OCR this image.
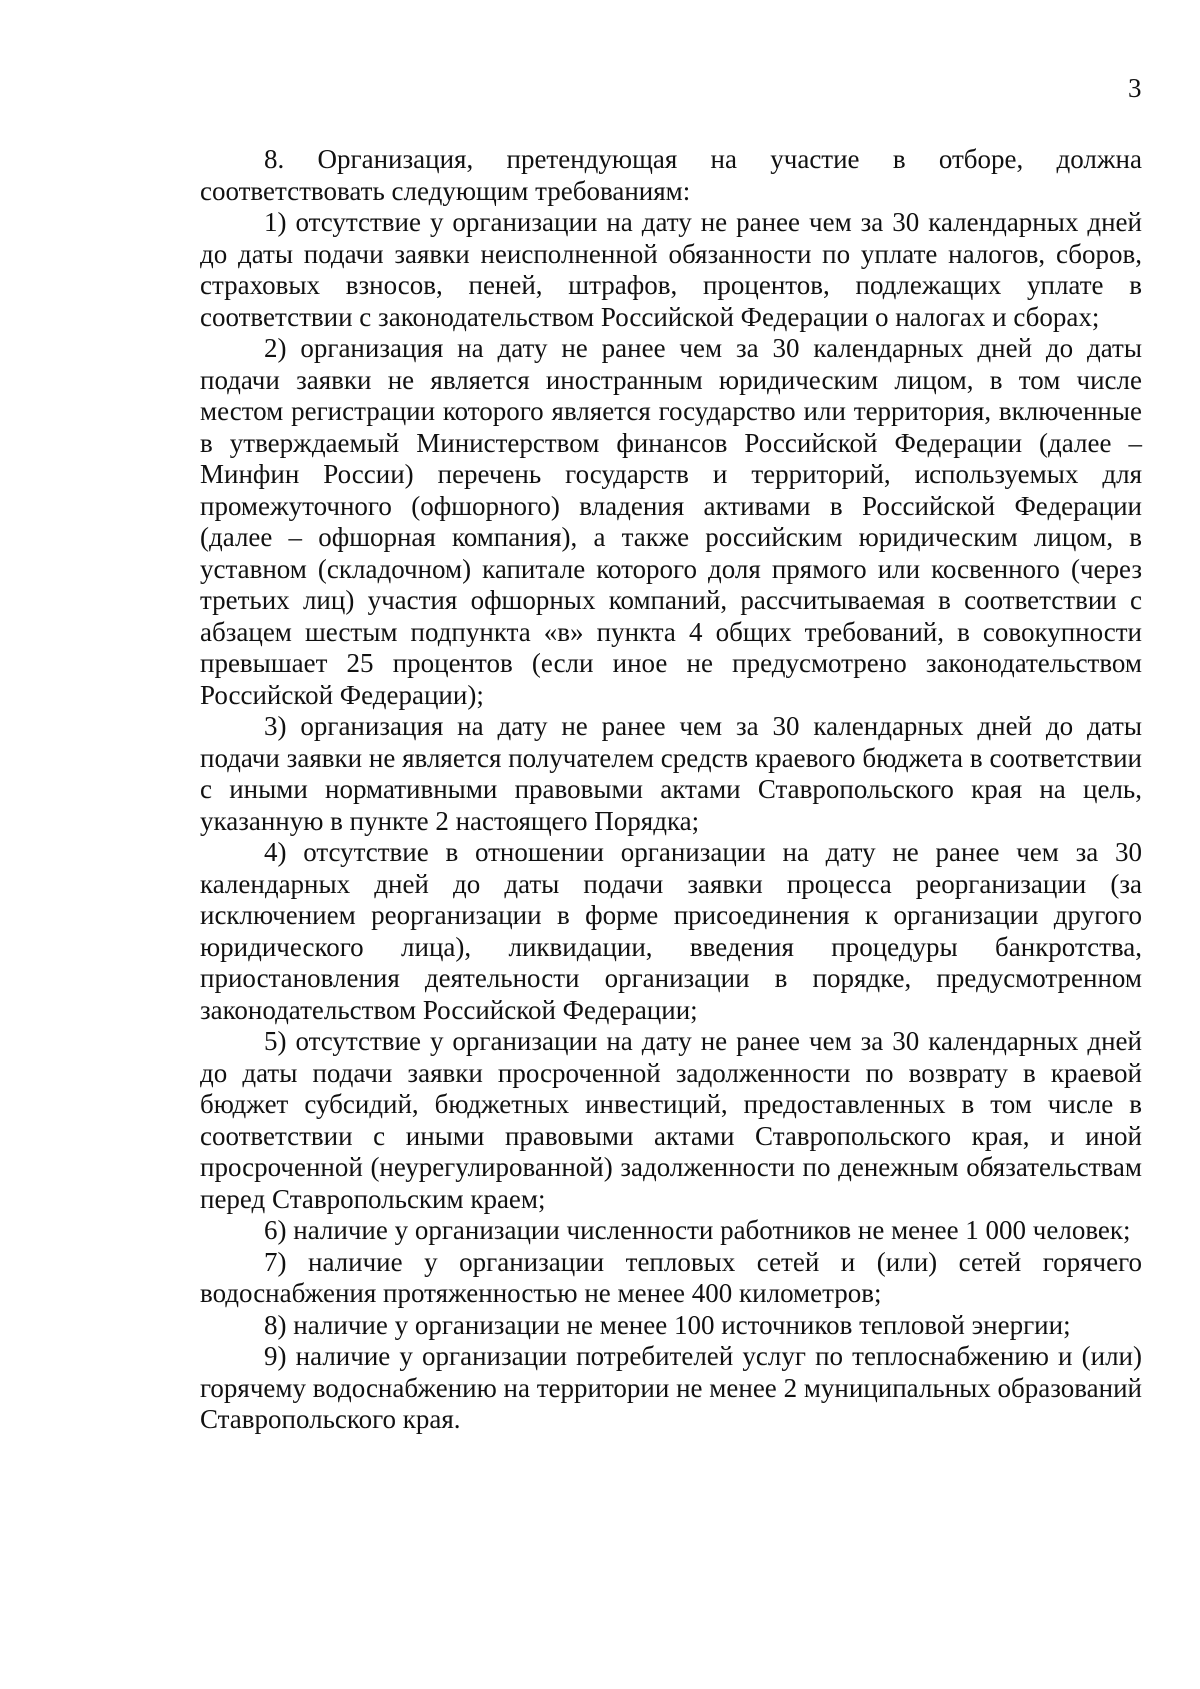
3

8. Организация, претендующая на участие в отборе, должна соответствовать следующим требованиям:

1) отсутствие у организации на дату не ранее чем за 30 календарных дней до даты подачи заявки неисполненной обязанности по уплате налогов, сборов, страховых взносов, пеней, штрафов, процентов, подлежащих уплате в соответствии с законодательством Российской Федерации о налогах и сборах;

2) организация на дату не ранее чем за 30 календарных дней до даты подачи заявки не является иностранным юридическим лицом, в том числе местом регистрации которого является государство или территория, включенные в утверждаемый Министерством финансов Российской Федерации (далее – Минфин России) перечень государств и территорий, используемых для промежуточного (офшорного) владения активами в Российской Федерации (далее – офшорная компания), а также российским юридическим лицом, в уставном (складочном) капитале которого доля прямого или косвенного (через третьих лиц) участия офшорных компаний, рассчитываемая в соответствии с абзацем шестым подпункта «в» пункта 4 общих требований, в совокупности превышает 25 процентов (если иное не предусмотрено законодательством Российской Федерации);

3) организация на дату не ранее чем за 30 календарных дней до даты подачи заявки не является получателем средств краевого бюджета в соответствии с иными нормативными правовыми актами Ставропольского края на цель, указанную в пункте 2 настоящего Порядка;

4) отсутствие в отношении организации на дату не ранее чем за 30 календарных дней до даты подачи заявки процесса реорганизации (за исключением реорганизации в форме присоединения к организации другого юридического лица), ликвидации, введения процедуры банкротства, приостановления деятельности организации в порядке, предусмотренном законодательством Российской Федерации;

5) отсутствие у организации на дату не ранее чем за 30 календарных дней до даты подачи заявки просроченной задолженности по возврату в краевой бюджет субсидий, бюджетных инвестиций, предоставленных в том числе в соответствии с иными правовыми актами Ставропольского края, и иной просроченной (неурегулированной) задолженности по денежным обязательствам перед Ставропольским краем;

6) наличие у организации численности работников не менее 1 000 человек;

7) наличие у организации тепловых сетей и (или) сетей горячего водоснабжения протяженностью не менее 400 километров;

8) наличие у организации не менее 100 источников тепловой энергии;

9) наличие у организации потребителей услуг по теплоснабжению и (или) горячему водоснабжению на территории не менее 2 муниципальных образований Ставропольского края.
